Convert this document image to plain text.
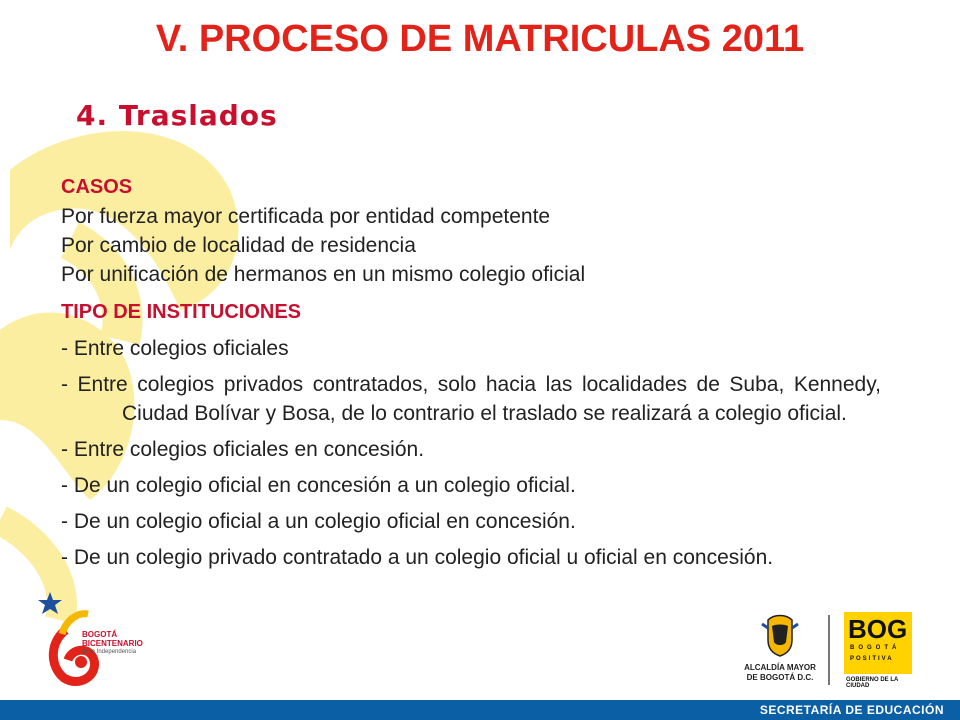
V. PROCESO DE MATRICULAS 2011
4. Traslados
CASOS
Por fuerza mayor certificada por entidad competente
Por cambio de localidad de residencia
Por unificación de hermanos en un mismo colegio oficial
TIPO DE INSTITUCIONES
- Entre colegios oficiales
- Entre colegios privados contratados, solo hacia las localidades de Suba, Kennedy, Ciudad Bolívar y Bosa, de lo contrario el traslado se realizará a colegio oficial.
- Entre colegios oficiales en concesión.
- De un colegio oficial en concesión a un colegio oficial.
- De un colegio oficial a un colegio oficial en concesión.
- De un colegio privado contratado a un colegio oficial u oficial en concesión.
BOGOTÁ
BICENTENARIO
de la Independencia
ALCALDÍA MAYOR
DE BOGOTÁ D.C.
BOG
BOGOTÁ
POSITIVA
GOBIERNO DE LA CIUDAD
SECRETARÍA DE EDUCACIÓN
